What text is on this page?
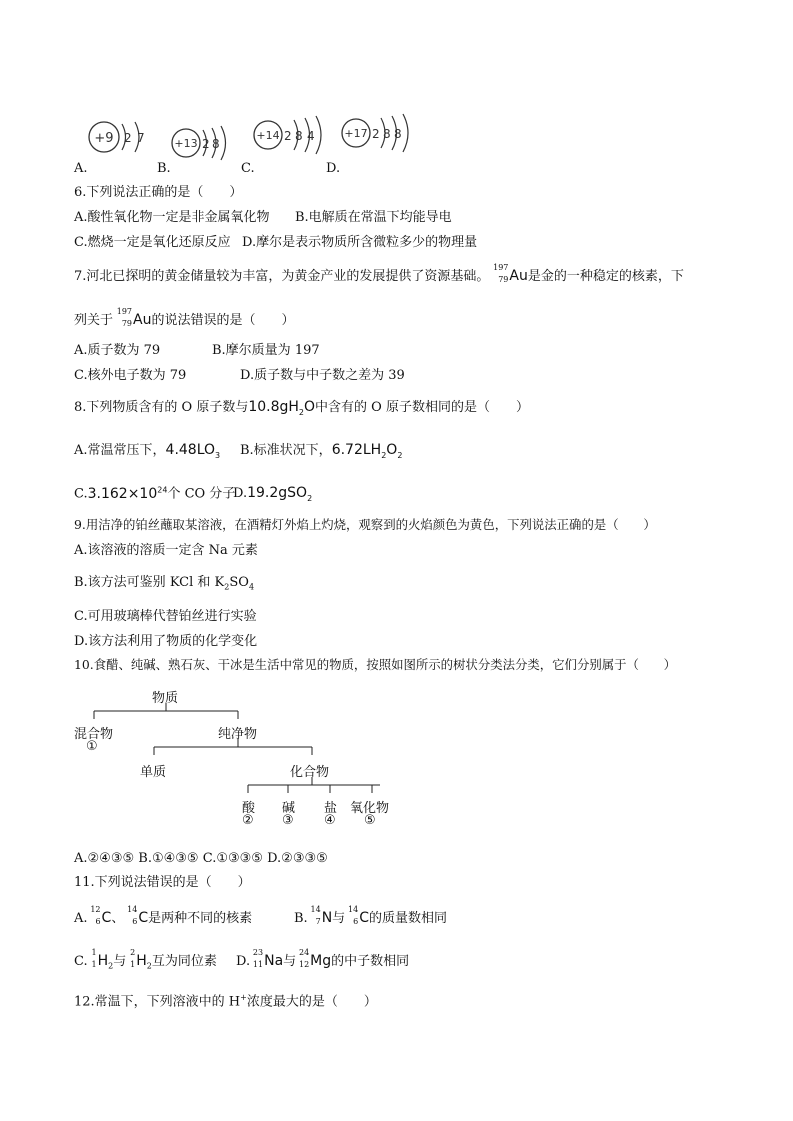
+9 2 7
A.
+13 2 8
B.
+14 2 8 4
C.
+17 2 8 8
D.
6.下列说法正确的是（　　）
A.酸性氧化物一定是非金属氧化物 B.电解质在常温下均能导电
C.燃烧一定是氧化还原反应 D.摩尔是表示物质所含微粒多少的物理量
7.河北已探明的黄金储量较为丰富，为黄金产业的发展提供了资源基础。
197
79 Au是金的一种稳定的核素，下
列关于
197
79 Au的说法错误的是（　　）
A.质子数为 79	B.摩尔质量为 197
C.核外电子数为 79	D.质子数与中子数之差为 39
8.下列物质含有的 O 原子数与$10.8gH_2O$中含有的 O 原子数相同的是（　　）
A.常温常压下，$4.48LO_3$ B.标准状况下，$6.72LH_2O_2$
$C.3.162\times 10^{24}$个 CO 分子
D.19.2gSO$_2$
9.用洁净的铂丝蘸取某溶液，在酒精灯外焰上灼烧，观察到的火焰颜色为黄色，下列说法正确的是（　　）
A.该溶液的溶质一定含 Na 元素
B.该方法可鉴别 KCl 和 $K_2SO_4$
C.可用玻璃棒代替铂丝进行实验
D.该方法利用了物质的化学变化
10.食醋、纯碱、熟石灰、干冰是生活中常见的物质，按照如图所示的树状分类法分类，它们分别属于（　　）
物质
混合物
①
纯净物
单质	化合物
酸
②
碱
③
盐
④
氧化物
⑤
A.②④③⑤ B.①④③⑤ C.①③③⑤ D.②③③⑤
11.下列说法错误的是（　　）
A.
12
6 C、
14
6 C是两种不同的核素	B.
14
7 N与
14
6 C的质量数相同
C.
1
1 $H_2$与
2
1 $H_2$互为同位素 D.
23
11 Na与
24
12 Mg的中子数相同
12.常温下，下列溶液中的 H+浓度最大的是（　　）
